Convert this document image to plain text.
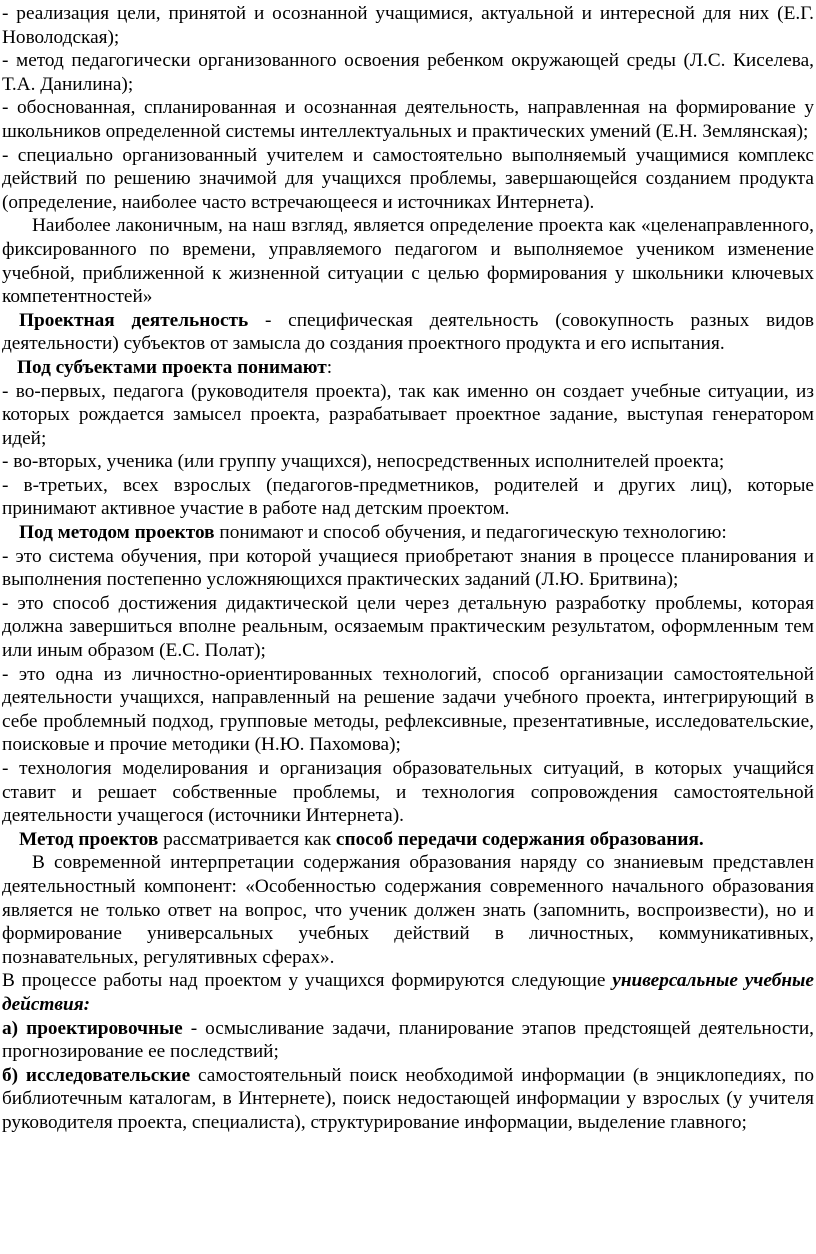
- реализация цели, принятой и осознанной учащимися, актуальной и интересной для них (Е.Г. Новолодская);

- метод педагогически организованного освоения ребенком окружающей среды (Л.С. Киселева, Т.А. Данилина);

- обоснованная, спланированная и осознанная деятельность, направленная на формирование у школьников определенной системы интеллектуальных и практических умений (Е.Н. Землянская);

- специально организованный учителем и самостоятельно выполняемый учащимися комплекс действий по решению значимой для учащихся проблемы, завершающейся созданием продукта (определение, наиболее часто встречающееся и источниках Интернета).

Наиболее лаконичным, на наш взгляд, является определение проекта как «целенаправленного, фиксированного по времени, управляемого педагогом и выполняемое учеником изменение учебной, приближенной к жизненной ситуации с целью формирования у школьники ключевых компетентностей»

Проектная деятельность - специфическая деятельность (совокупность разных видов деятельности) субъектов от замысла до создания проектного продукта и его испытания.

Под субъектами проекта понимают:

- во-первых, педагога (руководителя проекта), так как именно он создает учебные ситуации, из которых рождается замысел проекта, разрабатывает проектное задание, выступая генератором идей;

- во-вторых, ученика (или группу учащихся), непосредственных исполнителей проекта;

- в-третьих, всех взрослых (педагогов-предметников, родителей и других лиц), которые принимают активное участие в работе над детским проектом.

Под методом проектов понимают и способ обучения, и педагогическую технологию:

- это система обучения, при которой учащиеся приобретают знания в процессе планирования и выполнения постепенно усложняющихся практических заданий (Л.Ю. Бритвина);

- это способ достижения дидактической цели через детальную разработку проблемы, которая должна завершиться вполне реальным, осязаемым практическим результатом, оформленным тем или иным образом (Е.С. Полат);

- это одна из личностно-ориентированных технологий, способ организации самостоятельной деятельности учащихся, направленный на решение задачи учебного проекта, интегрирующий в себе проблемный подход, групповые методы, рефлексивные, презентативные, исследовательские, поисковые и прочие методики (Н.Ю. Пахомова);

- технология моделирования и организация образовательных ситуаций, в которых учащийся ставит и решает собственные проблемы, и технология сопровождения самостоятельной деятельности учащегося (источники Интернета).

Метод проектов рассматривается как способ передачи содержания образования.

В современной интерпретации содержания образования наряду со знаниевым представлен деятельностный компонент: «Особенностью содержания современного начального образования является не только ответ на вопрос, что ученик должен знать (запомнить, воспроизвести), но и формирование универсальных учебных действий в личностных, коммуникативных, познавательных, регулятивных сферах».

В процессе работы над проектом у учащихся формируются следующие универсальные учебные действия:

а) проектировочные - осмысливание задачи, планирование этапов предстоящей деятельности, прогнозирование ее последствий;

б) исследовательские самостоятельный поиск необходимой информации (в энциклопедиях, по библиотечным каталогам, в Интернете), поиск недостающей информации у взрослых (у учителя руководителя проекта, специалиста), структурирование информации, выделение главного;
